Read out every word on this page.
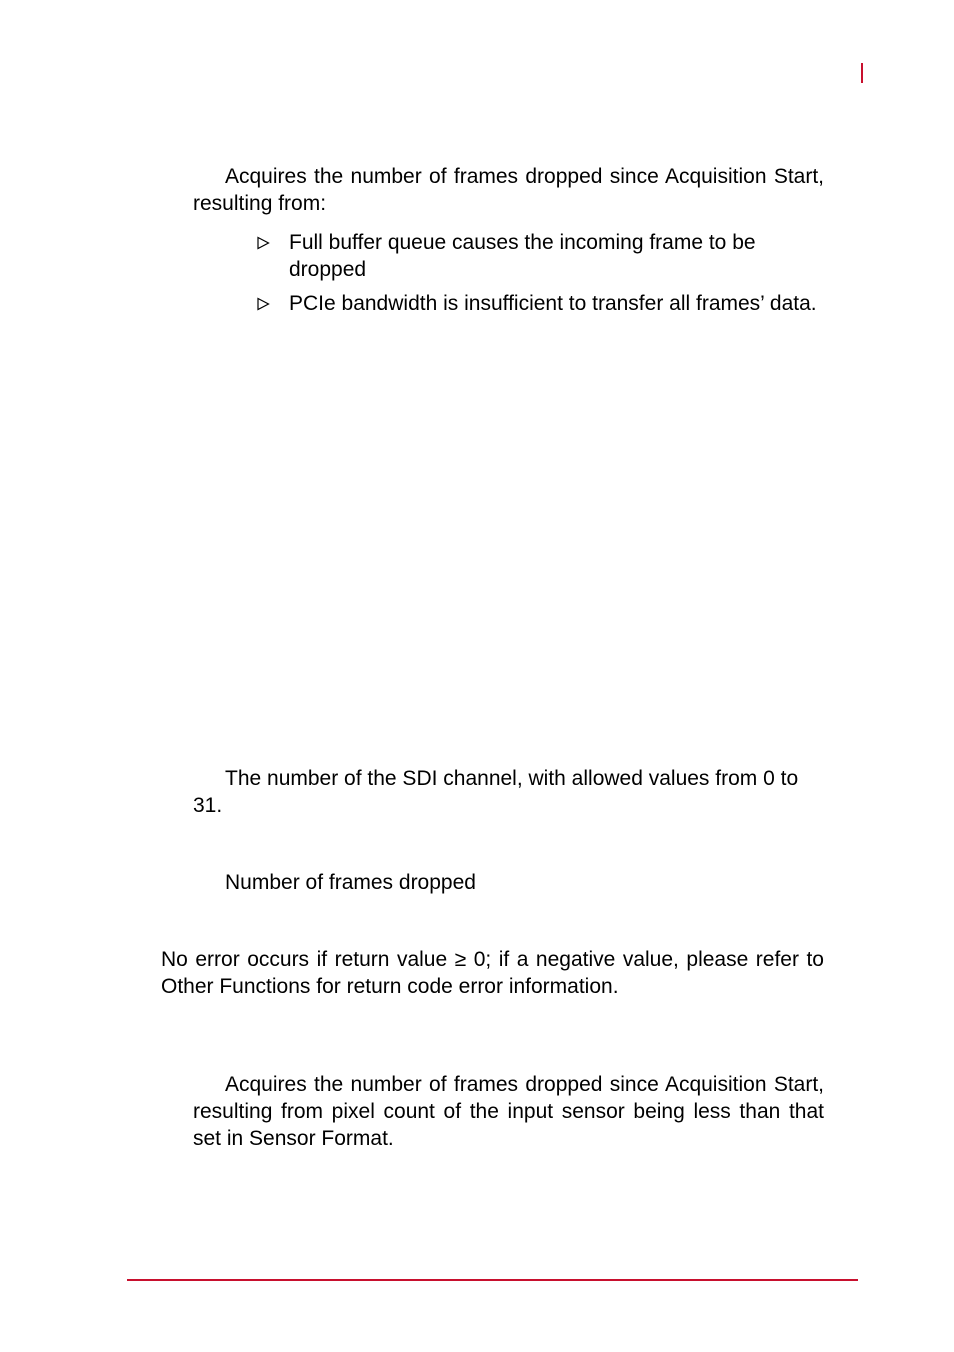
Acquires the number of frames dropped since Acquisition Start, resulting from:

Full buffer queue causes the incoming frame to be dropped
PCIe bandwidth is insufficient to transfer all frames’ data.

The number of the SDI channel, with allowed values from 0 to 31.

Number of frames dropped

No error occurs if return value ≥ 0; if a negative value, please refer to Other Functions for return code error information.

Acquires the number of frames dropped since Acquisition Start, resulting from pixel count of the input sensor being less than that set in Sensor Format.
